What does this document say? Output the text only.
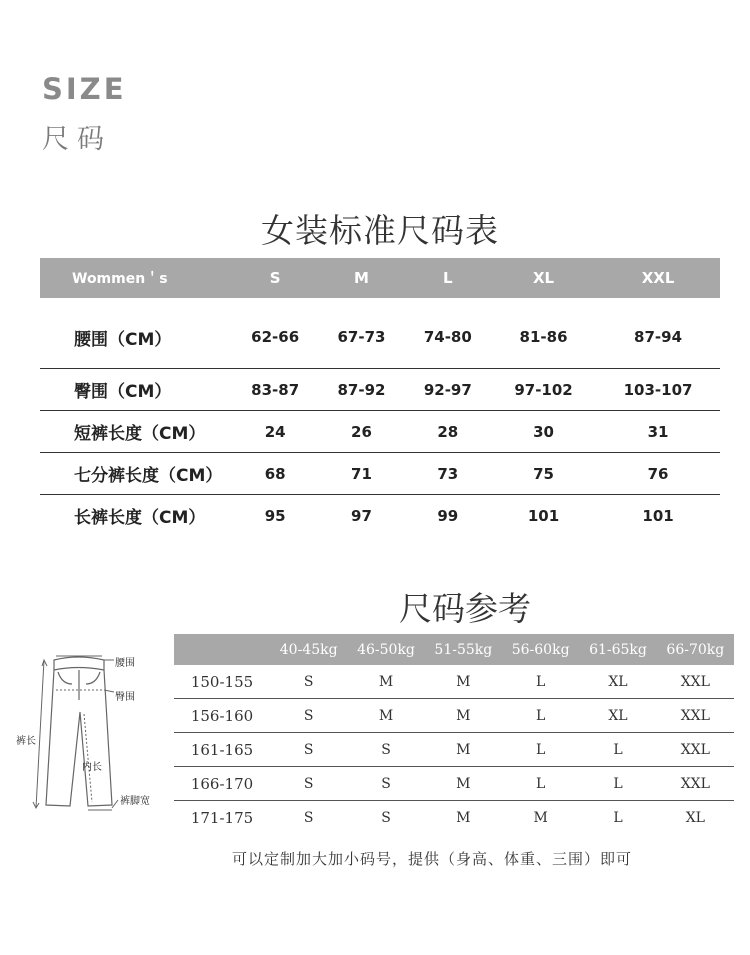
SIZE
尺码
女装标准尺码表
Wommen＇s	S	M	L	XL	XXL
腰围（CM）	62-66	67-73	74-80	81-86	87-94
臀围（CM）	83-87	87-92	92-97	97-102	103-107
短裤长度（CM）	24	26	28	30	31
七分裤长度（CM）	68	71	73	75	76
长裤长度（CM）	95	97	99	101	101
尺码参考
腰围
臀围
裤长
内长
裤脚宽
	40-45kg	46-50kg	51-55kg	56-60kg	61-65kg	66-70kg
150-155	S	M	M	L	XL	XXL
156-160	S	M	M	L	XL	XXL
161-165	S	S	M	L	L	XXL
166-170	S	S	M	L	L	XXL
171-175	S	S	M	M	L	XL
可以定制加大加小码号，提供（身高、体重、三围）即可
